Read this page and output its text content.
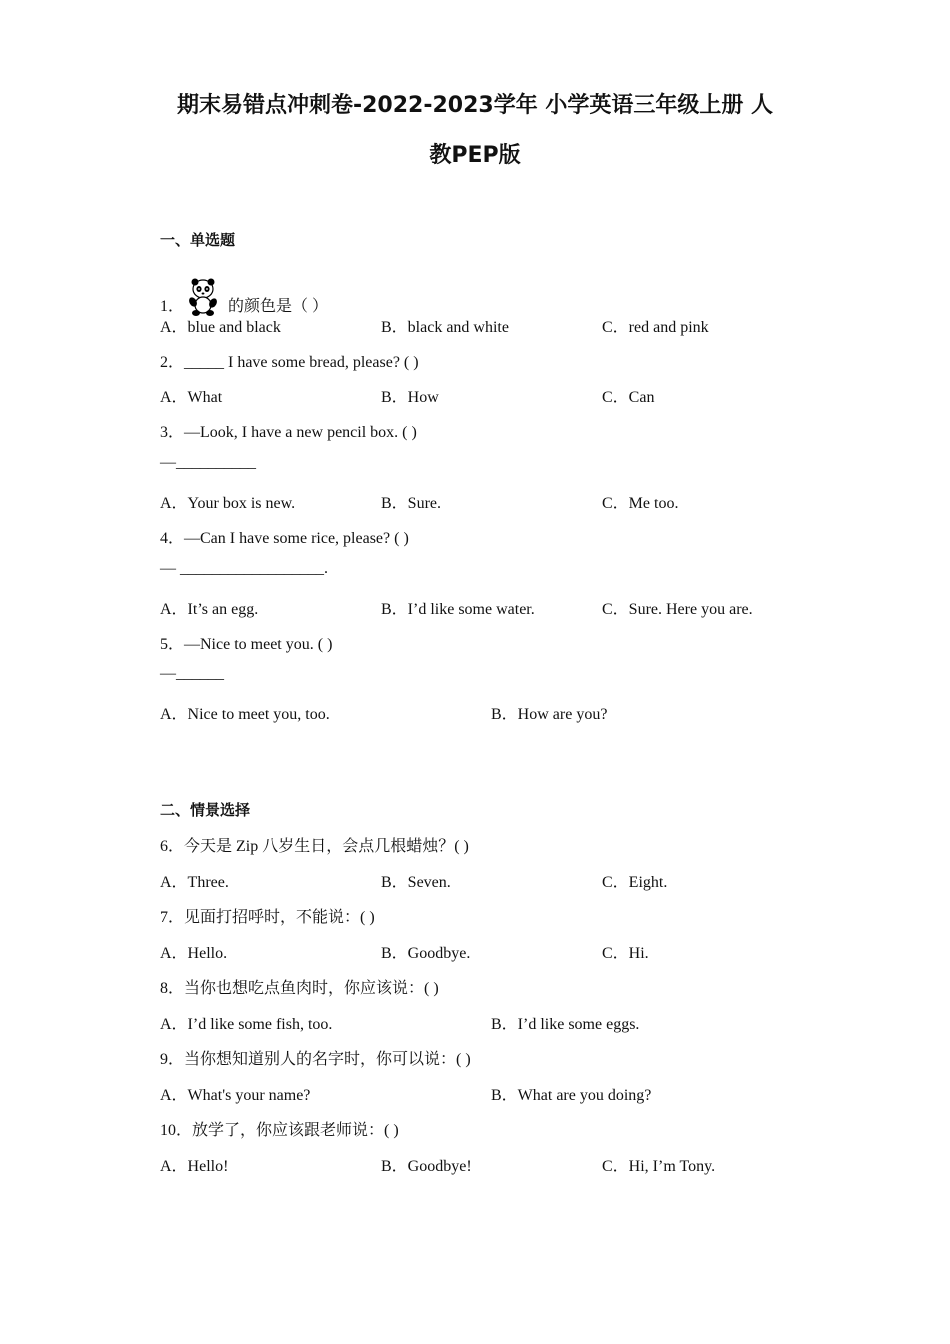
期末易错点冲刺卷-2022-2023学年 小学英语三年级上册 人
教PEP版
一、单选题
1．	的颜色是（ ）
A．blue and black	B．black and white	C．red and pink
2．_____ I have some bread, please? ( )
A．What	B．How	C．Can
3．—Look, I have a new pencil box. ( )
—__________
A．Your box is new.	B．Sure.	C．Me too.
4．—Can I have some rice, please? ( )
— __________________.
A．It’s an egg.	B．I’d like some water.	C．Sure. Here you are.
5．—Nice to meet you. ( )
—______
A．Nice to meet you, too.	B．How are you?
二、情景选择
6．今天是 Zip 八岁生日，会点几根蜡烛？( )
A．Three.	B．Seven.	C．Eight.
7．见面打招呼时，不能说：( )
A．Hello.	B．Goodbye.	C．Hi.
8．当你也想吃点鱼肉时，你应该说：( )
A．I’d like some fish, too.	B．I’d like some eggs.
9．当你想知道别人的名字时，你可以说：( )
A．What's your name?	B．What are you doing?
10．放学了，你应该跟老师说：( )
A．Hello!	B．Goodbye!	C．Hi, I’m Tony.
